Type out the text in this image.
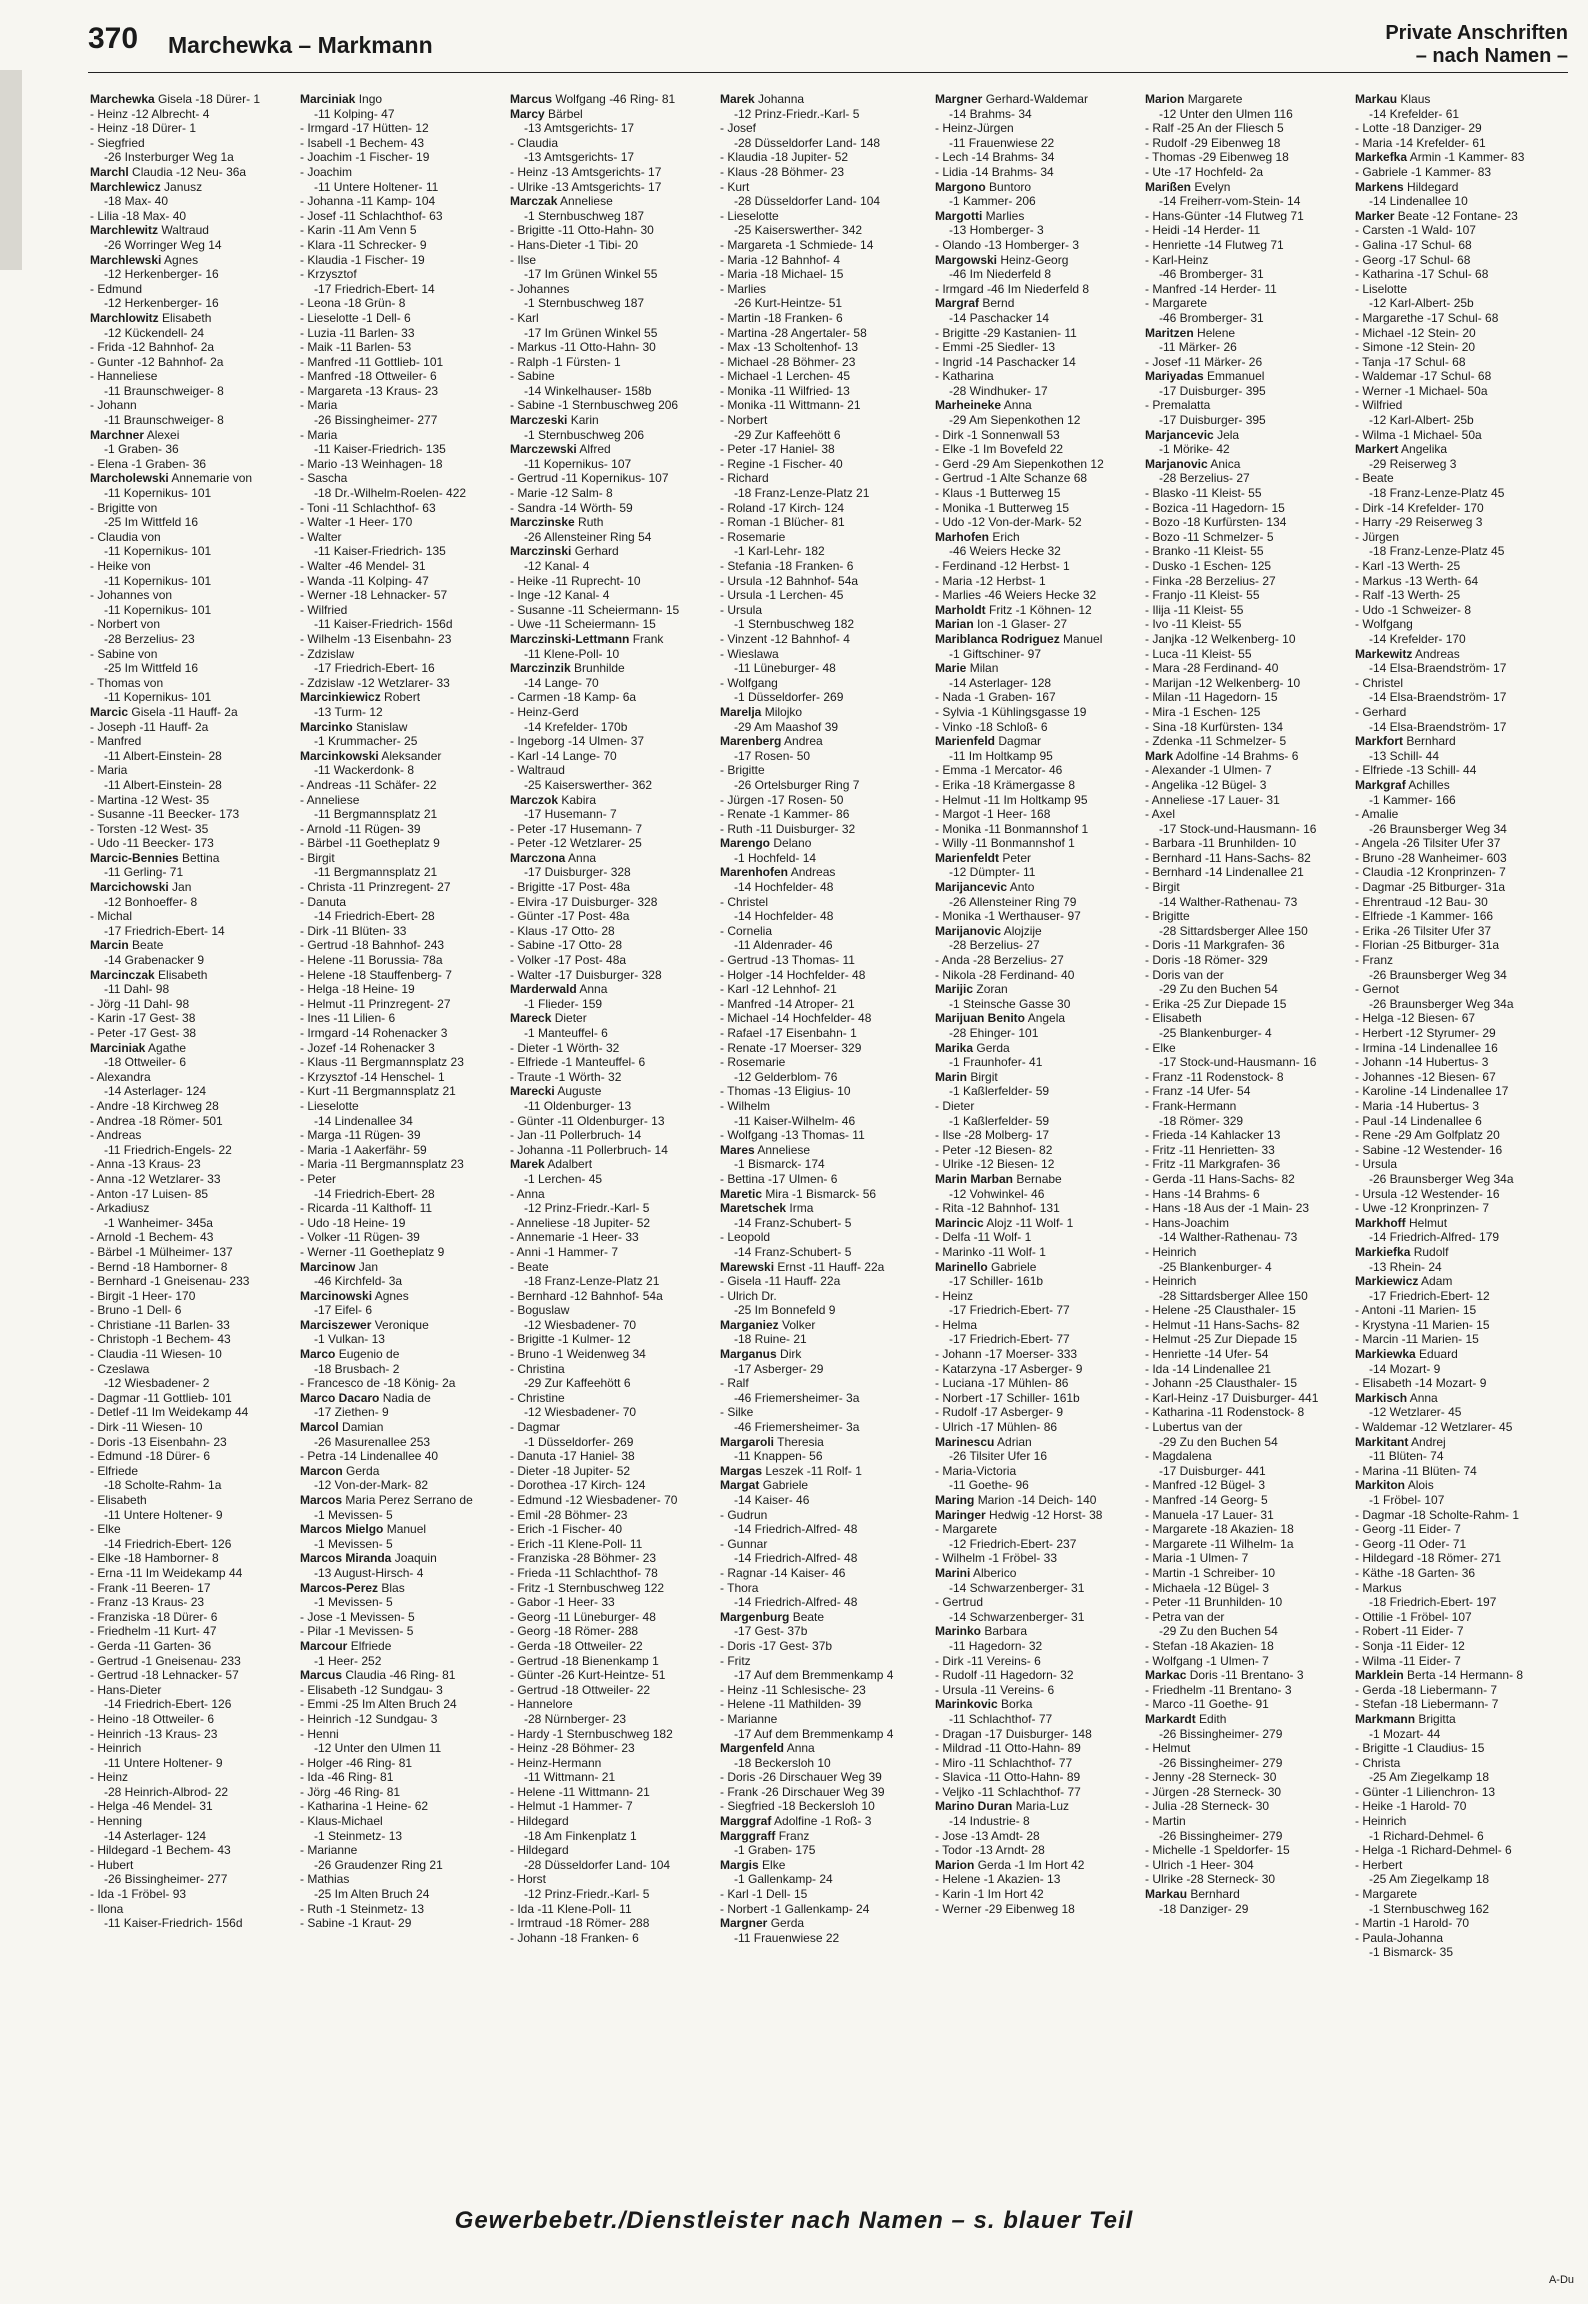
370 Marchewka – Markmann	Private Anschriften
– nach Namen –
Marchewka Gisela -18 Dürer- 1
- Heinz -12 Albrecht- 4
- Heinz -18 Dürer- 1
- Siegfried
-26 Insterburger Weg 1a
Marchl Claudia -12 Neu- 36a
Marchlewicz Janusz
-18 Max- 40
- Lilia -18 Max- 40
Marchlewitz Waltraud
-26 Worringer Weg 14
Marchlewski Agnes
-12 Herkenberger- 16
- Edmund
-12 Herkenberger- 16
Marchlowitz Elisabeth
-12 Kückendell- 24
- Frida -12 Bahnhof- 2a
- Gunter -12 Bahnhof- 2a
- Hanneliese
-11 Braunschweiger- 8
- Johann
-11 Braunschweiger- 8
Marchner Alexei
-1 Graben- 36
- Elena -1 Graben- 36
Marcholewski Annemarie von
-11 Kopernikus- 101
- Brigitte von
-25 Im Wittfeld 16
- Claudia von
-11 Kopernikus- 101
- Heike von
-11 Kopernikus- 101
- Johannes von
-11 Kopernikus- 101
- Norbert von
-28 Berzelius- 23
- Sabine von
-25 Im Wittfeld 16
- Thomas von
-11 Kopernikus- 101
Marcic Gisela -11 Hauff- 2a
- Joseph -11 Hauff- 2a
- Manfred
-11 Albert-Einstein- 28
- Maria
-11 Albert-Einstein- 28
- Martina -12 West- 35
- Susanne -11 Beecker- 173
- Torsten -12 West- 35
- Udo -11 Beecker- 173
Marcic-Bennies Bettina
-11 Gerling- 71
Marcichowski Jan
-12 Bonhoeffer- 8
- Michal
-17 Friedrich-Ebert- 14
Marcin Beate
-14 Grabenacker 9
Marcinczak Elisabeth
-11 Dahl- 98
- Jörg -11 Dahl- 98
- Karin -17 Gest- 38
- Peter -17 Gest- 38
Marciniak Agathe
-18 Ottweiler- 6
- Alexandra
-14 Asterlager- 124
- Andre -18 Kirchweg 28
- Andrea -18 Römer- 501
- Andreas
-11 Friedrich-Engels- 22
- Anna -13 Kraus- 23
- Anna -12 Wetzlarer- 33
- Anton -17 Luisen- 85
- Arkadiusz
-1 Wanheimer- 345a
- Arnold -1 Bechem- 43
- Bärbel -1 Mülheimer- 137
- Bernd -18 Hamborner- 8
- Bernhard -1 Gneisenau- 233
- Birgit -1 Heer- 170
- Bruno -1 Dell- 6
- Christiane -11 Barlen- 33
- Christoph -1 Bechem- 43
- Claudia -11 Wiesen- 10
- Czeslawa
-12 Wiesbadener- 2
- Dagmar -11 Gottlieb- 101
- Detlef -11 Im Weidekamp 44
- Dirk -11 Wiesen- 10
- Doris -13 Eisenbahn- 23
- Edmund -18 Dürer- 6
- Elfriede
-18 Scholte-Rahm- 1a
- Elisabeth
-11 Untere Holtener- 9
- Elke
-14 Friedrich-Ebert- 126
- Elke -18 Hamborner- 8
- Erna -11 Im Weidekamp 44
- Frank -11 Beeren- 17
- Franz -13 Kraus- 23
- Franziska -18 Dürer- 6
- Friedhelm -11 Kurt- 47
- Gerda -11 Garten- 36
- Gertrud -1 Gneisenau- 233
- Gertrud -18 Lehnacker- 57
- Hans-Dieter
-14 Friedrich-Ebert- 126
- Heino -18 Ottweiler- 6
- Heinrich -13 Kraus- 23
- Heinrich
-11 Untere Holtener- 9
- Heinz
-28 Heinrich-Albrod- 22
- Helga -46 Mendel- 31
- Henning
-14 Asterlager- 124
- Hildegard -1 Bechem- 43
- Hubert
-26 Bissingheimer- 277
- Ida -1 Fröbel- 93
- Ilona
-11 Kaiser-Friedrich- 156d
Marciniak Ingo
-11 Kolping- 47
- Irmgard -17 Hütten- 12
- Isabell -1 Bechem- 43
- Joachim -1 Fischer- 19
- Joachim
-11 Untere Holtener- 11
- Johanna -11 Kamp- 104
- Josef -11 Schlachthof- 63
- Karin -11 Am Venn 5
- Klara -11 Schrecker- 9
- Klaudia -1 Fischer- 19
- Krzysztof
-17 Friedrich-Ebert- 14
- Leona -18 Grün- 8
- Lieselotte -1 Dell- 6
- Luzia -11 Barlen- 33
- Maik -11 Barlen- 53
- Manfred -11 Gottlieb- 101
- Manfred -18 Ottweiler- 6
- Margareta -13 Kraus- 23
- Maria
-26 Bissingheimer- 277
- Maria
-11 Kaiser-Friedrich- 135
- Mario -13 Weinhagen- 18
- Sascha
-18 Dr.-Wilhelm-Roelen- 422
- Toni -11 Schlachthof- 63
- Walter -1 Heer- 170
- Walter
-11 Kaiser-Friedrich- 135
- Walter -46 Mendel- 31
- Wanda -11 Kolping- 47
- Werner -18 Lehnacker- 57
- Wilfried
-11 Kaiser-Friedrich- 156d
- Wilhelm -13 Eisenbahn- 23
- Zdzislaw
-17 Friedrich-Ebert- 16
- Zdzislaw -12 Wetzlarer- 33
Marcinkiewicz Robert
-13 Turm- 12
Marcinko Stanislaw
-1 Krummacher- 25
Marcinkowski Aleksander
-11 Wackerdonk- 8
- Andreas -11 Schäfer- 22
- Anneliese
-11 Bergmannsplatz 21
- Arnold -11 Rügen- 39
- Bärbel -11 Goetheplatz 9
- Birgit
-11 Bergmannsplatz 21
- Christa -11 Prinzregent- 27
- Danuta
-14 Friedrich-Ebert- 28
- Dirk -11 Blüten- 33
- Gertrud -18 Bahnhof- 243
- Helene -11 Borussia- 78a
- Helene -18 Stauffenberg- 7
- Helga -18 Heine- 19
- Helmut -11 Prinzregent- 27
- Ines -11 Lilien- 6
- Irmgard -14 Rohenacker 3
- Jozef -14 Rohenacker 3
- Klaus -11 Bergmannsplatz 23
- Krzysztof -14 Henschel- 1
- Kurt -11 Bergmannsplatz 21
- Lieselotte
-14 Lindenallee 34
- Marga -11 Rügen- 39
- Maria -1 Aakerfähr- 59
- Maria -11 Bergmannsplatz 23
- Peter
-14 Friedrich-Ebert- 28
- Ricarda -11 Kalthoff- 11
- Udo -18 Heine- 19
- Volker -11 Rügen- 39
- Werner -11 Goetheplatz 9
Marcinow Jan
-46 Kirchfeld- 3a
Marcinowski Agnes
-17 Eifel- 6
Marciszewer Veronique
-1 Vulkan- 13
Marco Eugenio de
-18 Brusbach- 2
- Francesco de -18 König- 2a
Marco Dacaro Nadia de
-17 Ziethen- 9
Marcol Damian
-26 Masurenallee 253
- Petra -14 Lindenallee 40
Marcon Gerda
-12 Von-der-Mark- 82
Marcos Maria Perez Serrano de
-1 Mevissen- 5
Marcos Mielgo Manuel
-1 Mevissen- 5
Marcos Miranda Joaquin
-13 August-Hirsch- 4
Marcos-Perez Blas
-1 Mevissen- 5
- Jose -1 Mevissen- 5
- Pilar -1 Mevissen- 5
Marcour Elfriede
-1 Heer- 252
Marcus Claudia -46 Ring- 81
- Elisabeth -12 Sundgau- 3
- Emmi -25 Im Alten Bruch 24
- Heinrich -12 Sundgau- 3
- Henni
-12 Unter den Ulmen 11
- Holger -46 Ring- 81
- Ida -46 Ring- 81
- Jörg -46 Ring- 81
- Katharina -1 Heine- 62
- Klaus-Michael
-1 Steinmetz- 13
- Marianne
-26 Graudenzer Ring 21
- Mathias
-25 Im Alten Bruch 24
- Ruth -1 Steinmetz- 13
- Sabine -1 Kraut- 29
Marcus Wolfgang -46 Ring- 81
Marcy Bärbel
-13 Amtsgerichts- 17
- Claudia
-13 Amtsgerichts- 17
- Heinz -13 Amtsgerichts- 17
- Ulrike -13 Amtsgerichts- 17
Marczak Anneliese
-1 Sternbuschweg 187
- Brigitte -11 Otto-Hahn- 30
- Hans-Dieter -1 Tibi- 20
- Ilse
-17 Im Grünen Winkel 55
- Johannes
-1 Sternbuschweg 187
- Karl
-17 Im Grünen Winkel 55
- Markus -11 Otto-Hahn- 30
- Ralph -1 Fürsten- 1
- Sabine
-14 Winkelhauser- 158b
- Sabine -1 Sternbuschweg 206
Marczeski Karin
-1 Sternbuschweg 206
Marczewski Alfred
-11 Kopernikus- 107
- Gertrud -11 Kopernikus- 107
- Marie -12 Salm- 8
- Sandra -14 Wörth- 59
Marczinske Ruth
-26 Allensteiner Ring 54
Marczinski Gerhard
-12 Kanal- 4
- Heike -11 Ruprecht- 10
- Inge -12 Kanal- 4
- Susanne -11 Scheiermann- 15
- Uwe -11 Scheiermann- 15
Marczinski-Lettmann Frank
-11 Klene-Poll- 10
Marczinzik Brunhilde
-14 Lange- 70
- Carmen -18 Kamp- 6a
- Heinz-Gerd
-14 Krefelder- 170b
- Ingeborg -14 Ulmen- 37
- Karl -14 Lange- 70
- Waltraud
-25 Kaiserswerther- 362
Marczok Kabira
-17 Husemann- 7
- Peter -17 Husemann- 7
- Peter -12 Wetzlarer- 25
Marczona Anna
-17 Duisburger- 328
- Brigitte -17 Post- 48a
- Elvira -17 Duisburger- 328
- Günter -17 Post- 48a
- Klaus -17 Otto- 28
- Sabine -17 Otto- 28
- Volker -17 Post- 48a
- Walter -17 Duisburger- 328
Marderwald Anna
-1 Flieder- 159
Mareck Dieter
-1 Manteuffel- 6
- Dieter -1 Wörth- 32
- Elfriede -1 Manteuffel- 6
- Traute -1 Wörth- 32
Marecki Auguste
-11 Oldenburger- 13
- Günter -11 Oldenburger- 13
- Jan -11 Pollerbruch- 14
- Johanna -11 Pollerbruch- 14
Marek Adalbert
-1 Lerchen- 45
- Anna
-12 Prinz-Friedr.-Karl- 5
- Anneliese -18 Jupiter- 52
- Annemarie -1 Heer- 33
- Anni -1 Hammer- 7
- Beate
-18 Franz-Lenze-Platz 21
- Bernhard -12 Bahnhof- 54a
- Boguslaw
-12 Wiesbadener- 70
- Brigitte -1 Kulmer- 12
- Bruno -1 Weidenweg 34
- Christina
-29 Zur Kaffeehött 6
- Christine
-12 Wiesbadener- 70
- Dagmar
-1 Düsseldorfer- 269
- Danuta -17 Haniel- 38
- Dieter -18 Jupiter- 52
- Dorothea -17 Kirch- 124
- Edmund -12 Wiesbadener- 70
- Emil -28 Böhmer- 23
- Erich -1 Fischer- 40
- Erich -11 Klene-Poll- 11
- Franziska -28 Böhmer- 23
- Frieda -11 Schlachthof- 78
- Fritz -1 Sternbuschweg 122
- Gabor -1 Heer- 33
- Georg -11 Lüneburger- 48
- Georg -18 Römer- 288
- Gerda -18 Ottweiler- 22
- Gertrud -18 Bienenkamp 1
- Günter -26 Kurt-Heintze- 51
- Gertrud -18 Ottweiler- 22
- Hannelore
-28 Nürnberger- 23
- Hardy -1 Sternbuschweg 182
- Heinz -28 Böhmer- 23
- Heinz-Hermann
-11 Wittmann- 21
- Helene -11 Wittmann- 21
- Helmut -1 Hammer- 7
- Hildegard
-18 Am Finkenplatz 1
- Hildegard
-28 Düsseldorfer Land- 104
- Horst
-12 Prinz-Friedr.-Karl- 5
- Ida -11 Klene-Poll- 11
- Irmtraud -18 Römer- 288
- Johann -18 Franken- 6
Marek Johanna
-12 Prinz-Friedr.-Karl- 5
- Josef
-28 Düsseldorfer Land- 148
- Klaudia -18 Jupiter- 52
- Klaus -28 Böhmer- 23
- Kurt
-28 Düsseldorfer Land- 104
- Lieselotte
-25 Kaiserswerther- 342
- Margareta -1 Schmiede- 14
- Maria -12 Bahnhof- 4
- Maria -18 Michael- 15
- Marlies
-26 Kurt-Heintze- 51
- Martin -18 Franken- 6
- Martina -28 Angertaler- 58
- Max -13 Scholtenhof- 13
- Michael -28 Böhmer- 23
- Michael -1 Lerchen- 45
- Monika -11 Wilfried- 13
- Monika -11 Wittmann- 21
- Norbert
-29 Zur Kaffeehött 6
- Peter -17 Haniel- 38
- Regine -1 Fischer- 40
- Richard
-18 Franz-Lenze-Platz 21
- Roland -17 Kirch- 124
- Roman -1 Blücher- 81
- Rosemarie
-1 Karl-Lehr- 182
- Stefania -18 Franken- 6
- Ursula -12 Bahnhof- 54a
- Ursula -1 Lerchen- 45
- Ursula
-1 Sternbuschweg 182
- Vinzent -12 Bahnhof- 4
- Wieslawa
-11 Lüneburger- 48
- Wolfgang
-1 Düsseldorfer- 269
Marelja Milojko
-29 Am Maashof 39
Marenberg Andrea
-17 Rosen- 50
- Brigitte
-26 Ortelsburger Ring 7
- Jürgen -17 Rosen- 50
- Renate -1 Kammer- 86
- Ruth -11 Duisburger- 32
Marengo Delano
-1 Hochfeld- 14
Marenhofen Andreas
-14 Hochfelder- 48
- Christel
-14 Hochfelder- 48
- Cornelia
-11 Aldenrader- 46
- Gertrud -13 Thomas- 11
- Holger -14 Hochfelder- 48
- Karl -12 Lehnhof- 21
- Manfred -14 Atroper- 21
- Michael -14 Hochfelder- 48
- Rafael -17 Eisenbahn- 1
- Renate -17 Moerser- 329
- Rosemarie
-12 Gelderblom- 76
- Thomas -13 Eligius- 10
- Wilhelm
-11 Kaiser-Wilhelm- 46
- Wolfgang -13 Thomas- 11
Mares Anneliese
-1 Bismarck- 174
- Bettina -17 Ulmen- 6
Maretic Mira -1 Bismarck- 56
Maretschek Irma
-14 Franz-Schubert- 5
- Leopold
-14 Franz-Schubert- 5
Marewski Ernst -11 Hauff- 22a
- Gisela -11 Hauff- 22a
- Ulrich Dr.
-25 Im Bonnefeld 9
Marganiez Volker
-18 Ruine- 21
Marganus Dirk
-17 Asberger- 29
- Ralf
-46 Friemersheimer- 3a
- Silke
-46 Friemersheimer- 3a
Margaroli Theresia
-11 Knappen- 56
Margas Leszek -11 Rolf- 1
Margat Gabriele
-14 Kaiser- 46
- Gudrun
-14 Friedrich-Alfred- 48
- Gunnar
-14 Friedrich-Alfred- 48
- Ragnar -14 Kaiser- 46
- Thora
-14 Friedrich-Alfred- 48
Margenburg Beate
-17 Gest- 37b
- Doris -17 Gest- 37b
- Fritz
-17 Auf dem Bremmenkamp 4
- Heinz -11 Schlesische- 23
- Helene -11 Mathilden- 39
- Marianne
-17 Auf dem Bremmenkamp 4
Margenfeld Anna
-18 Beckersloh 10
- Doris -26 Dirschauer Weg 39
- Frank -26 Dirschauer Weg 39
- Siegfried -18 Beckersloh 10
Marggraf Adolfine -1 Roß- 3
Marggraff Franz
-1 Graben- 175
Margis Elke
-1 Gallenkamp- 24
- Karl -1 Dell- 15
- Norbert -1 Gallenkamp- 24
Margner Gerda
-11 Frauenwiese 22
Margner Gerhard-Waldemar
-14 Brahms- 34
- Heinz-Jürgen
-11 Frauenwiese 22
- Lech -14 Brahms- 34
- Lidia -14 Brahms- 34
Margono Buntoro
-1 Kammer- 206
Margotti Marlies
-13 Homberger- 3
- Olando -13 Homberger- 3
Margowski Heinz-Georg
-46 Im Niederfeld 8
- Irmgard -46 Im Niederfeld 8
Margraf Bernd
-14 Paschacker 14
- Brigitte -29 Kastanien- 11
- Emmi -25 Siedler- 13
- Ingrid -14 Paschacker 14
- Katharina
-28 Windhuker- 17
Marheineke Anna
-29 Am Siepenkothen 12
- Dirk -1 Sonnenwall 53
- Elke -1 Im Bovefeld 22
- Gerd -29 Am Siepenkothen 12
- Gertrud -1 Alte Schanze 68
- Klaus -1 Butterweg 15
- Monika -1 Butterweg 15
- Udo -12 Von-der-Mark- 52
Marhofen Erich
-46 Weiers Hecke 32
- Ferdinand -12 Herbst- 1
- Maria -12 Herbst- 1
- Marlies -46 Weiers Hecke 32
Marholdt Fritz -1 Köhnen- 12
Marian Ion -1 Glaser- 27
Mariblanca Rodriguez Manuel
-1 Giftschiner- 97
Marie Milan
-14 Asterlager- 128
- Nada -1 Graben- 167
- Sylvia -1 Kühlingsgasse 19
- Vinko -18 Schloß- 6
Marienfeld Dagmar
-11 Im Holtkamp 95
- Emma -1 Mercator- 46
- Erika -18 Krämergasse 8
- Helmut -11 Im Holtkamp 95
- Margot -1 Heer- 168
- Monika -11 Bonmannshof 1
- Willy -11 Bonmannshof 1
Marienfeldt Peter
-12 Dümpter- 11
Marijancevic Anto
-26 Allensteiner Ring 79
- Monika -1 Werthauser- 97
Marijanovic Alojzije
-28 Berzelius- 27
- Anda -28 Berzelius- 27
- Nikola -28 Ferdinand- 40
Marijic Zoran
-1 Steinsche Gasse 30
Marijuan Benito Angela
-28 Ehinger- 101
Marika Gerda
-1 Fraunhofer- 41
Marin Birgit
-1 Kaßlerfelder- 59
- Dieter
-1 Kaßlerfelder- 59
- Ilse -28 Molberg- 17
- Peter -12 Biesen- 82
- Ulrike -12 Biesen- 12
Marin Marban Bernabe
-12 Vohwinkel- 46
- Rita -12 Bahnhof- 131
Marincic Alojz -11 Wolf- 1
- Delfa -11 Wolf- 1
- Marinko -11 Wolf- 1
Marinello Gabriele
-17 Schiller- 161b
- Heinz
-17 Friedrich-Ebert- 77
- Helma
-17 Friedrich-Ebert- 77
- Johann -17 Moerser- 333
- Katarzyna -17 Asberger- 9
- Luciana -17 Mühlen- 86
- Norbert -17 Schiller- 161b
- Rudolf -17 Asberger- 9
- Ulrich -17 Mühlen- 86
Marinescu Adrian
-26 Tilsiter Ufer 16
- Maria-Victoria
-11 Goethe- 96
Maring Marion -14 Deich- 140
Maringer Hedwig -12 Horst- 38
- Margarete
-12 Friedrich-Ebert- 237
- Wilhelm -1 Fröbel- 33
Marini Alberico
-14 Schwarzenberger- 31
- Gertrud
-14 Schwarzenberger- 31
Marinko Barbara
-11 Hagedorn- 32
- Dirk -11 Vereins- 6
- Rudolf -11 Hagedorn- 32
- Ursula -11 Vereins- 6
Marinkovic Borka
-11 Schlachthof- 77
- Dragan -17 Duisburger- 148
- Mildrad -11 Otto-Hahn- 89
- Miro -11 Schlachthof- 77
- Slavica -11 Otto-Hahn- 89
- Veljko -11 Schlachthof- 77
Marino Duran Maria-Luz
-14 Industrie- 8
- Jose -13 Amdt- 28
- Todor -13 Arndt- 28
Marion Gerda -1 Im Hort 42
- Helene -1 Akazien- 13
- Karin -1 Im Hort 42
- Werner -29 Eibenweg 18
Marion Margarete
-12 Unter den Ulmen 116
- Ralf -25 An der Fliesch 5
- Rudolf -29 Eibenweg 18
- Thomas -29 Eibenweg 18
- Ute -17 Hochfeld- 2a
Marißen Evelyn
-14 Freiherr-vom-Stein- 14
- Hans-Günter -14 Flutweg 71
- Heidi -14 Herder- 11
- Henriette -14 Flutweg 71
- Karl-Heinz
-46 Bromberger- 31
- Manfred -14 Herder- 11
- Margarete
-46 Bromberger- 31
Maritzen Helene
-11 Märker- 26
- Josef -11 Märker- 26
Mariyadas Emmanuel
-17 Duisburger- 395
- Premalatta
-17 Duisburger- 395
Marjancevic Jela
-1 Mörike- 42
Marjanovic Anica
-28 Berzelius- 27
- Blasko -11 Kleist- 55
- Bozica -11 Hagedorn- 15
- Bozo -18 Kurfürsten- 134
- Bozo -11 Schmelzer- 5
- Branko -11 Kleist- 55
- Dusko -1 Eschen- 125
- Finka -28 Berzelius- 27
- Franjo -11 Kleist- 55
- Ilija -11 Kleist- 55
- Ivo -11 Kleist- 55
- Janjka -12 Welkenberg- 10
- Luca -11 Kleist- 55
- Mara -28 Ferdinand- 40
- Marijan -12 Welkenberg- 10
- Milan -11 Hagedorn- 15
- Mira -1 Eschen- 125
- Sina -18 Kurfürsten- 134
- Zdenka -11 Schmelzer- 5
Mark Adolfine -14 Brahms- 6
- Alexander -1 Ulmen- 7
- Angelika -12 Bügel- 3
- Anneliese -17 Lauer- 31
- Axel
-17 Stock-und-Hausmann- 16
- Barbara -11 Brunhilden- 10
- Bernhard -11 Hans-Sachs- 82
- Bernhard -14 Lindenallee 21
- Birgit
-14 Walther-Rathenau- 73
- Brigitte
-28 Sittardsberger Allee 150
- Doris -11 Markgrafen- 36
- Doris -18 Römer- 329
- Doris van der
-29 Zu den Buchen 54
- Erika -25 Zur Diepade 15
- Elisabeth
-25 Blankenburger- 4
- Elke
-17 Stock-und-Hausmann- 16
- Franz -11 Rodenstock- 8
- Franz -14 Ufer- 54
- Frank-Hermann
-18 Römer- 329
- Frieda -14 Kahlacker 13
- Fritz -11 Henrietten- 33
- Fritz -11 Markgrafen- 36
- Gerda -11 Hans-Sachs- 82
- Hans -14 Brahms- 6
- Hans -18 Aus der -1 Main- 23
- Hans-Joachim
-14 Walther-Rathenau- 73
- Heinrich
-25 Blankenburger- 4
- Heinrich
-28 Sittardsberger Allee 150
- Helene -25 Clausthaler- 15
- Helmut -11 Hans-Sachs- 82
- Helmut -25 Zur Diepade 15
- Henriette -14 Ufer- 54
- Ida -14 Lindenallee 21
- Johann -25 Clausthaler- 15
- Karl-Heinz -17 Duisburger- 441
- Katharina -11 Rodenstock- 8
- Lubertus van der
-29 Zu den Buchen 54
- Magdalena
-17 Duisburger- 441
- Manfred -12 Bügel- 3
- Manfred -14 Georg- 5
- Manuela -17 Lauer- 31
- Margarete -18 Akazien- 18
- Margarete -11 Wilhelm- 1a
- Maria -1 Ulmen- 7
- Martin -1 Schreiber- 10
- Michaela -12 Bügel- 3
- Peter -11 Brunhilden- 10
- Petra van der
-29 Zu den Buchen 54
- Stefan -18 Akazien- 18
- Wolfgang -1 Ulmen- 7
Markac Doris -11 Brentano- 3
- Friedhelm -11 Brentano- 3
- Marco -11 Goethe- 91
Markardt Edith
-26 Bissingheimer- 279
- Helmut
-26 Bissingheimer- 279
- Jenny -28 Sterneck- 30
- Jürgen -28 Sterneck- 30
- Julia -28 Sterneck- 30
- Martin
-26 Bissingheimer- 279
- Michelle -1 Speldorfer- 15
- Ulrich -1 Heer- 304
- Ulrike -28 Sterneck- 30
Markau Bernhard
-18 Danziger- 29
Markau Klaus
-14 Krefelder- 61
- Lotte -18 Danziger- 29
- Maria -14 Krefelder- 61
Markefka Armin -1 Kammer- 83
- Gabriele -1 Kammer- 83
Markens Hildegard
-14 Lindenallee 10
Marker Beate -12 Fontane- 23
- Carsten -1 Wald- 107
- Galina -17 Schul- 68
- Georg -17 Schul- 68
- Katharina -17 Schul- 68
- Liselotte
-12 Karl-Albert- 25b
- Margarethe -17 Schul- 68
- Michael -12 Stein- 20
- Simone -12 Stein- 20
- Tanja -17 Schul- 68
- Waldemar -17 Schul- 68
- Werner -1 Michael- 50a
- Wilfried
-12 Karl-Albert- 25b
- Wilma -1 Michael- 50a
Markert Angelika
-29 Reiserweg 3
- Beate
-18 Franz-Lenze-Platz 45
- Dirk -14 Krefelder- 170
- Harry -29 Reiserweg 3
- Jürgen
-18 Franz-Lenze-Platz 45
- Karl -13 Werth- 25
- Markus -13 Werth- 64
- Ralf -13 Werth- 25
- Udo -1 Schweizer- 8
- Wolfgang
-14 Krefelder- 170
Markewitz Andreas
-14 Elsa-Braendström- 17
- Christel
-14 Elsa-Braendström- 17
- Gerhard
-14 Elsa-Braendström- 17
Markfort Bernhard
-13 Schill- 44
- Elfriede -13 Schill- 44
Markgraf Achilles
-1 Kammer- 166
- Amalie
-26 Braunsberger Weg 34
- Angela -26 Tilsiter Ufer 37
- Bruno -28 Wanheimer- 603
- Claudia -12 Kronprinzen- 7
- Dagmar -25 Bitburger- 31a
- Ehrentraud -12 Bau- 30
- Elfriede -1 Kammer- 166
- Erika -26 Tilsiter Ufer 37
- Florian -25 Bitburger- 31a
- Franz
-26 Braunsberger Weg 34
- Gernot
-26 Braunsberger Weg 34a
- Helga -12 Biesen- 67
- Herbert -12 Styrumer- 29
- Irmina -14 Lindenallee 16
- Johann -14 Hubertus- 3
- Johannes -12 Biesen- 67
- Karoline -14 Lindenallee 17
- Maria -14 Hubertus- 3
- Paul -14 Lindenallee 6
- Rene -29 Am Golfplatz 20
- Sabine -12 Westender- 16
- Ursula
-26 Braunsberger Weg 34a
- Ursula -12 Westender- 16
- Uwe -12 Kronprinzen- 7
Markhoff Helmut
-14 Friedrich-Alfred- 179
Markiefka Rudolf
-13 Rhein- 24
Markiewicz Adam
-17 Friedrich-Ebert- 12
- Antoni -11 Marien- 15
- Krystyna -11 Marien- 15
- Marcin -11 Marien- 15
Markiewka Eduard
-14 Mozart- 9
- Elisabeth -14 Mozart- 9
Markisch Anna
-12 Wetzlarer- 45
- Waldemar -12 Wetzlarer- 45
Markitant Andrej
-11 Blüten- 74
- Marina -11 Blüten- 74
Markiton Alois
-1 Fröbel- 107
- Dagmar -18 Scholte-Rahm- 1
- Georg -11 Eider- 7
- Georg -11 Oder- 71
- Hildegard -18 Römer- 271
- Käthe -18 Garten- 36
- Markus
-18 Friedrich-Ebert- 197
- Ottilie -1 Fröbel- 107
- Robert -11 Eider- 7
- Sonja -11 Eider- 12
- Wilma -11 Eider- 7
Marklein Berta -14 Hermann- 8
- Gerda -18 Liebermann- 7
- Stefan -18 Liebermann- 7
Markmann Brigitta
-1 Mozart- 44
- Brigitte -1 Claudius- 15
- Christa
-25 Am Ziegelkamp 18
- Günter -1 Lilienchron- 13
- Heike -1 Harold- 70
- Heinrich
-1 Richard-Dehmel- 6
- Helga -1 Richard-Dehmel- 6
- Herbert
-25 Am Ziegelkamp 18
- Margarete
-1 Sternbuschweg 162
- Martin -1 Harold- 70
- Paula-Johanna
-1 Bismarck- 35
Gewerbebetr./Dienstleister nach Namen – s. blauer Teil
A-Du
